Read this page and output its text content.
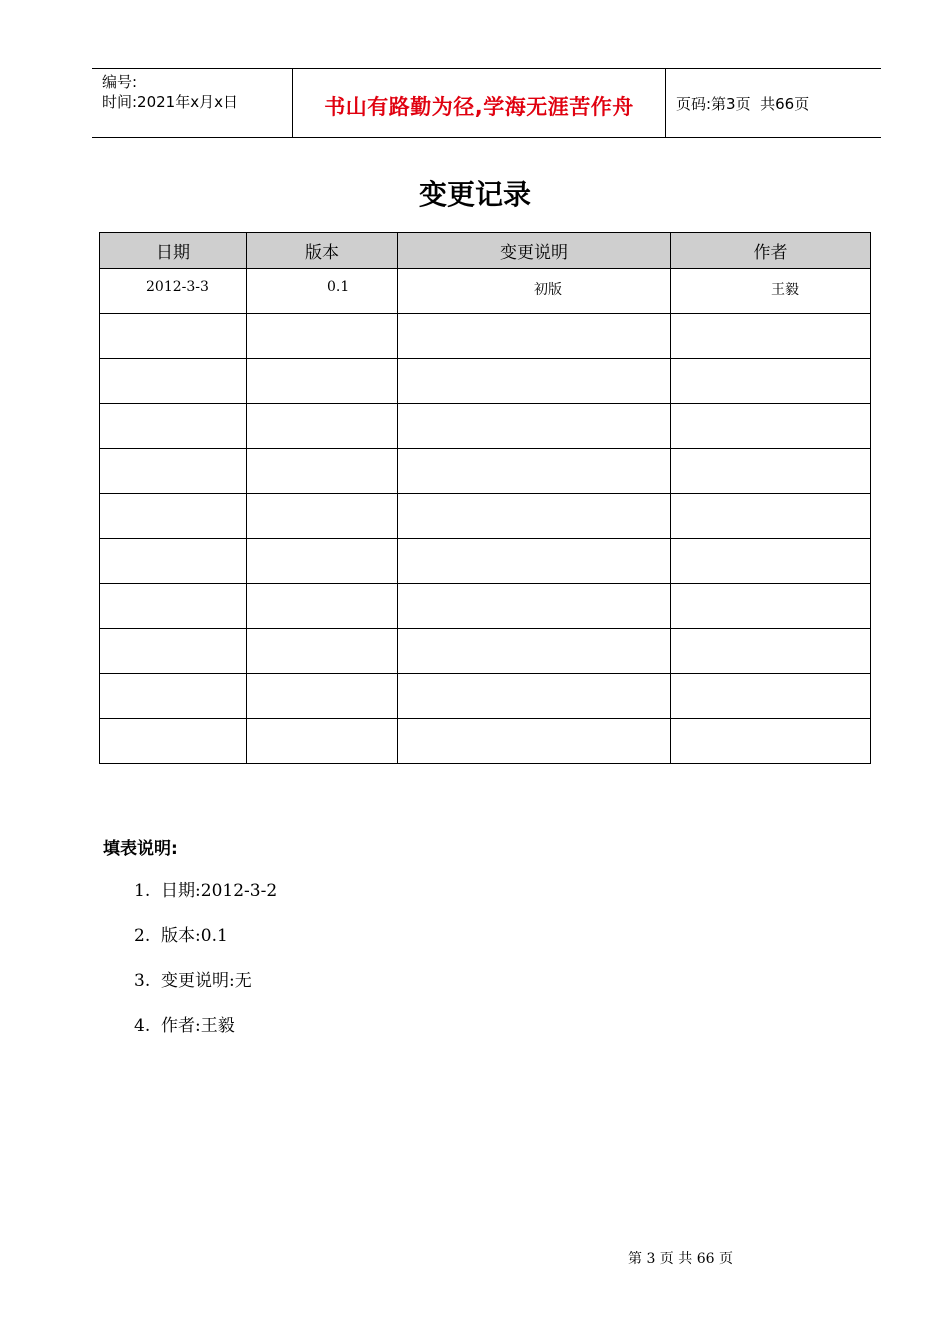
编号:
时间:2021年x月x日	书山有路勤为径,学海无涯苦作舟	页码:第3页  共66页
变更记录
日期	版本	变更说明	作者

2012-3-3	0.1	初版	王毅

填表说明:
1.  日期:2012-3-2
2.  版本:0.1
3.  变更说明:无
4.  作者:王毅
第 3 页 共 66 页
